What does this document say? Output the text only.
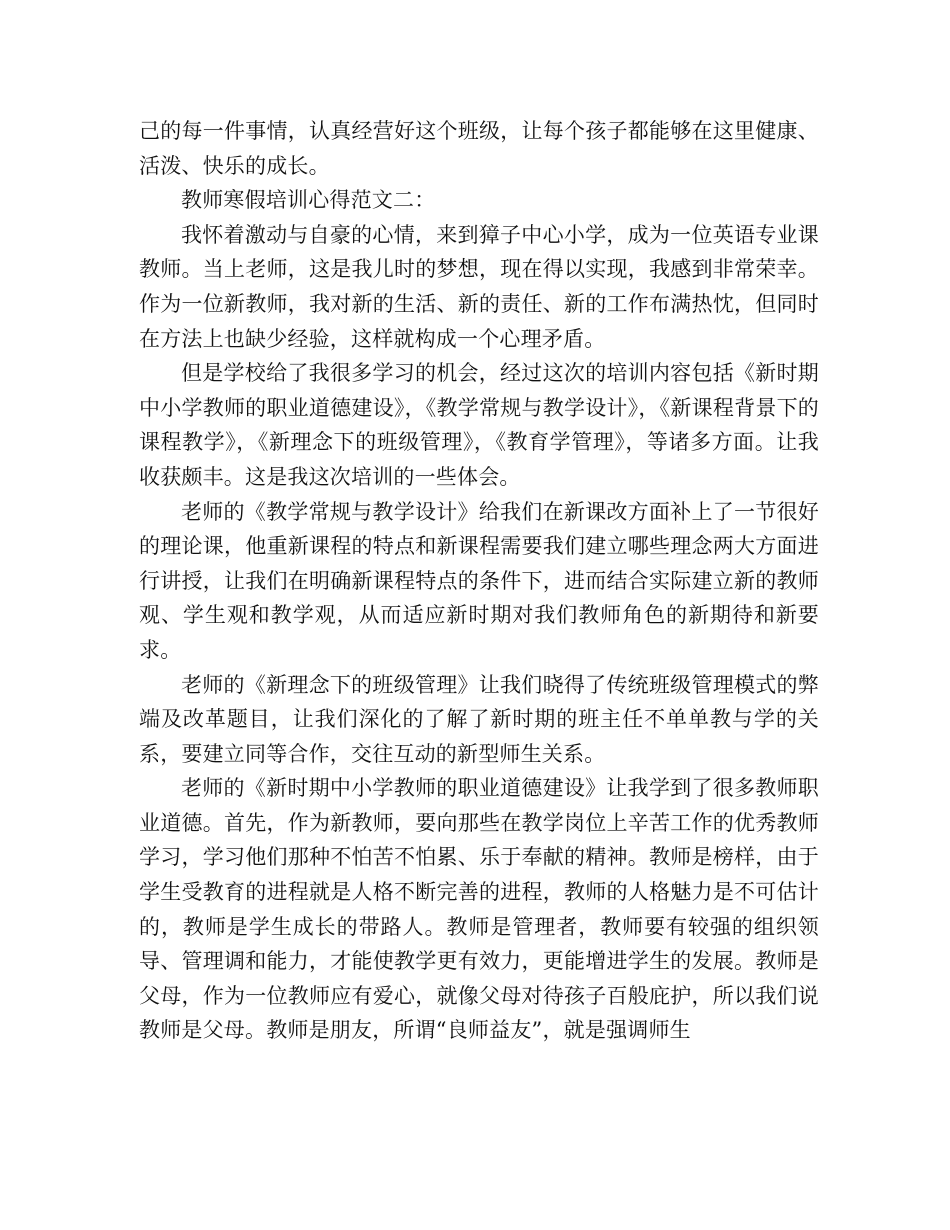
己的每一件事情，认真经营好这个班级，让每个孩子都能够在这里健康、活泼、快乐的成长。

教师寒假培训心得范文二：

我怀着激动与自豪的心情，来到獐子中心小学，成为一位英语专业课教师。当上老师，这是我儿时的梦想，现在得以实现，我感到非常荣幸。作为一位新教师，我对新的生活、新的责任、新的工作布满热忱，但同时在方法上也缺少经验，这样就构成一个心理矛盾。

但是学校给了我很多学习的机会，经过这次的培训内容包括《新时期中小学教师的职业道德建设》，《教学常规与教学设计》，《新课程背景下的课程教学》，《新理念下的班级管理》，《教育学管理》，等诸多方面。让我收获颇丰。这是我这次培训的一些体会。

老师的《教学常规与教学设计》给我们在新课改方面补上了一节很好的理论课，他重新课程的特点和新课程需要我们建立哪些理念两大方面进行讲授，让我们在明确新课程特点的条件下，进而结合实际建立新的教师观、学生观和教学观，从而适应新时期对我们教师角色的新期待和新要求。

老师的《新理念下的班级管理》让我们晓得了传统班级管理模式的弊端及改革题目，让我们深化的了解了新时期的班主任不单单教与学的关系，要建立同等合作，交往互动的新型师生关系。

老师的《新时期中小学教师的职业道德建设》让我学到了很多教师职业道德。首先，作为新教师，要向那些在教学岗位上辛苦工作的优秀教师学习，学习他们那种不怕苦不怕累、乐于奉献的精神。教师是榜样，由于学生受教育的进程就是人格不断完善的进程，教师的人格魅力是不可估计的，教师是学生成长的带路人。教师是管理者，教师要有较强的组织领导、管理调和能力，才能使教学更有效力，更能增进学生的发展。教师是父母，作为一位教师应有爱心，就像父母对待孩子百般庇护，所以我们说教师是父母。教师是朋友，所谓“良师益友”，就是强调师生
